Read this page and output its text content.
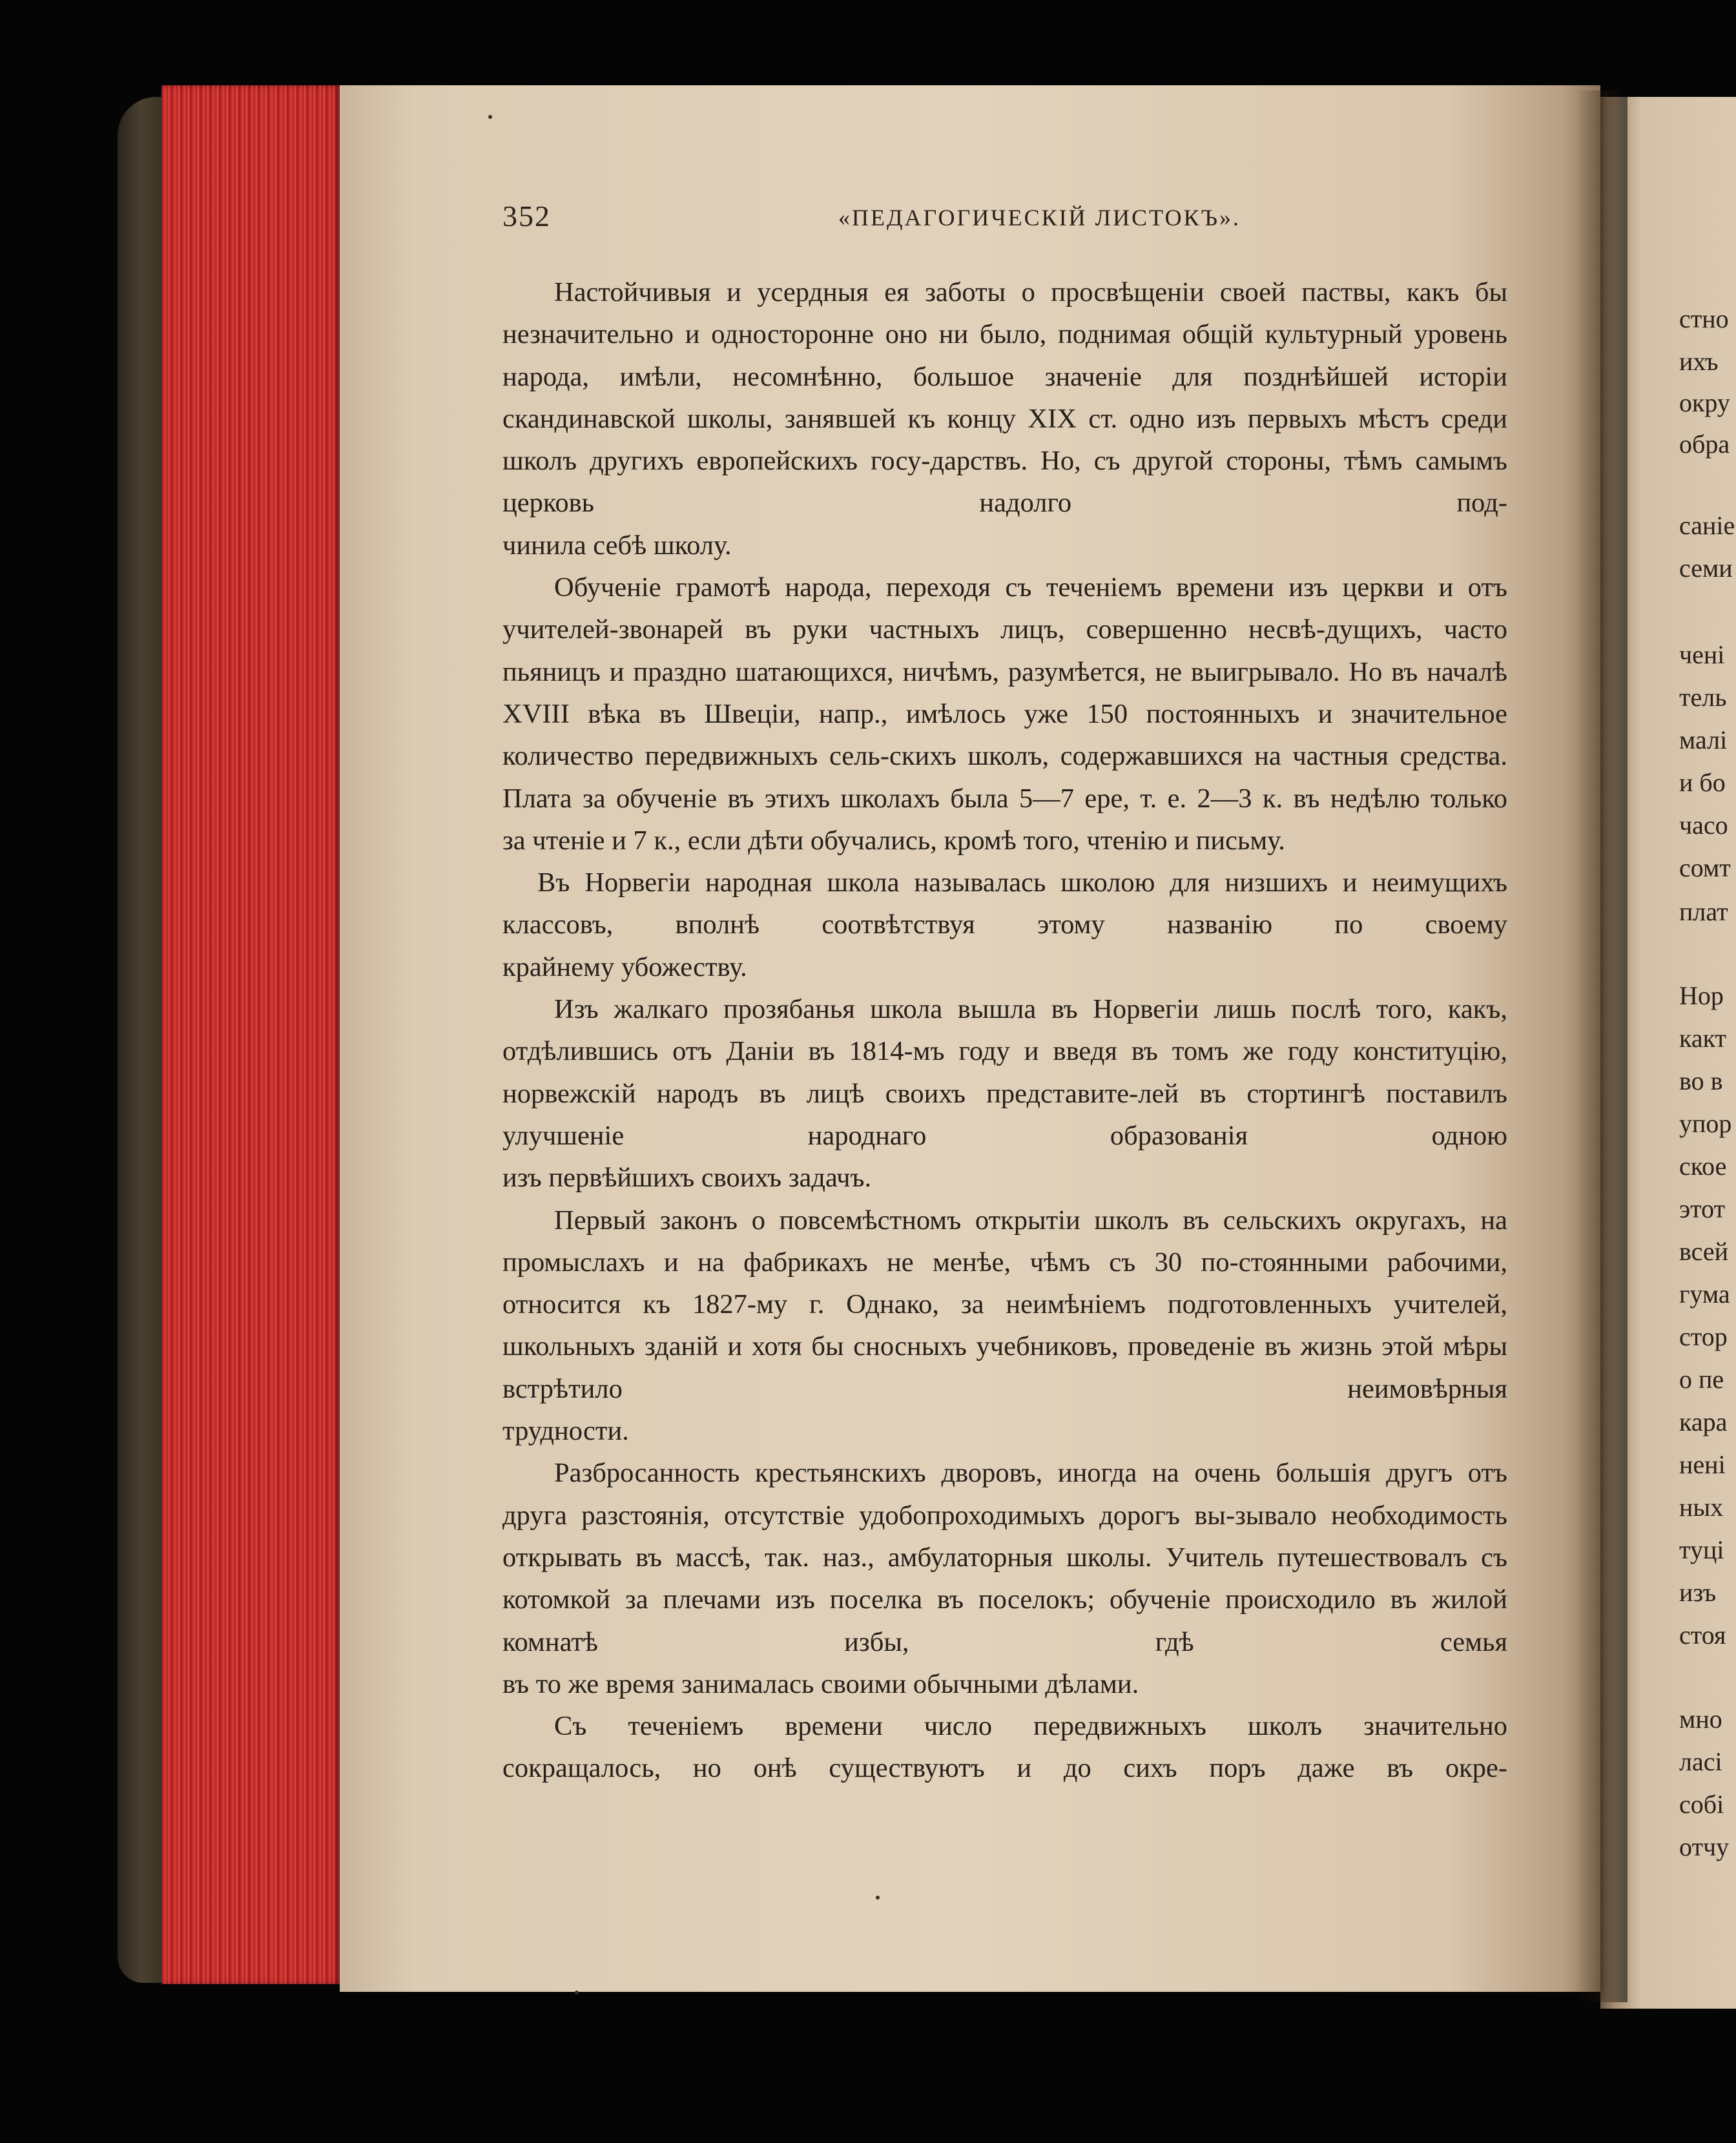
352	«ПЕДАГОГИЧЕСКIЙ ЛИСТОКЪ».

Настойчивыя и усердныя ея заботы о просвѣщенiи своей паствы, какъ бы незначительно и односторонне оно ни было, поднимая общiй культурный уровень народа, имѣли, несомнѣнно, большое значенiе для позднѣйшей исторiи скандинавской школы, занявшей къ концу XIX ст. одно изъ первыхъ мѣстъ среди школъ другихъ европейскихъ госу-дарствъ. Но, съ другой стороны, тѣмъ самымъ церковь надолго под-

чинила себѣ школу.

Обученiе грамотѣ народа, переходя съ теченiемъ времени изъ церкви и отъ учителей-звонарей въ руки частныхъ лицъ, совершенно несвѣ-дущихъ, часто пьяницъ и праздно шатающихся, ничѣмъ, разумѣется, не выигрывало. Но въ началѣ XVIII вѣка въ Швецiи, напр., имѣлось уже 150 постоянныхъ и значительное количество передвижныхъ сель-скихъ школъ, содержавшихся на частныя средства. Плата за обученiе въ этихъ школахъ была 5—7 ере, т. е. 2—3 к. въ недѣлю только

за чтенiе и 7 к., если дѣти обучались, кромѣ того, чтенiю и письму.

Въ Норвегiи народная школа называлась школою для низшихъ и неимущихъ классовъ, вполнѣ соотвѣтствуя этому названiю по своему

крайнему убожеству.

Изъ жалкаго прозябанья школа вышла въ Норвегiи лишь послѣ того, какъ, отдѣлившись отъ Данiи въ 1814-мъ году и введя въ томъ же году конституцiю, норвежскiй народъ въ лицѣ своихъ представите-лей въ стортингѣ поставилъ улучшенiе народнаго образованiя одною

изъ первѣйшихъ своихъ задачъ.

Первый законъ о повсемѣстномъ открытiи школъ въ сельскихъ округахъ, на промыслахъ и на фабрикахъ не менѣе, чѣмъ съ 30 по-стоянными рабочими, относится къ 1827-му г. Однако, за неимѣнiемъ подготовленныхъ учителей, школьныхъ зданiй и хотя бы сносныхъ учебниковъ, проведенiе въ жизнь этой мѣры встрѣтило неимовѣрныя

трудности.

Разбросанность крестьянскихъ дворовъ, иногда на очень большiя другъ отъ друга разстоянiя, отсутствiе удобопроходимыхъ дорогъ вы-зывало необходимость открывать въ массѣ, так. наз., амбулаторныя школы. Учитель путешествовалъ съ котомкой за плечами изъ поселка въ поселокъ; обученiе происходило въ жилой комнатѣ избы, гдѣ семья

въ то же время занималась своими обычными дѣлами.

Съ теченiемъ времени число передвижныхъ школъ значительно

сокращалось, но онѣ существуютъ и до сихъ поръ даже въ окре-

стно
ихъ
окру
обра
саніе
семи
чені
тель
малі
и бо
часо
сомт
плат
Нор
какт
во в
упор
ское
этот
всей
гума
стор
о пе
кара
нені
ных
туці
изъ
стоя
мно
ласі
собі
отчу
